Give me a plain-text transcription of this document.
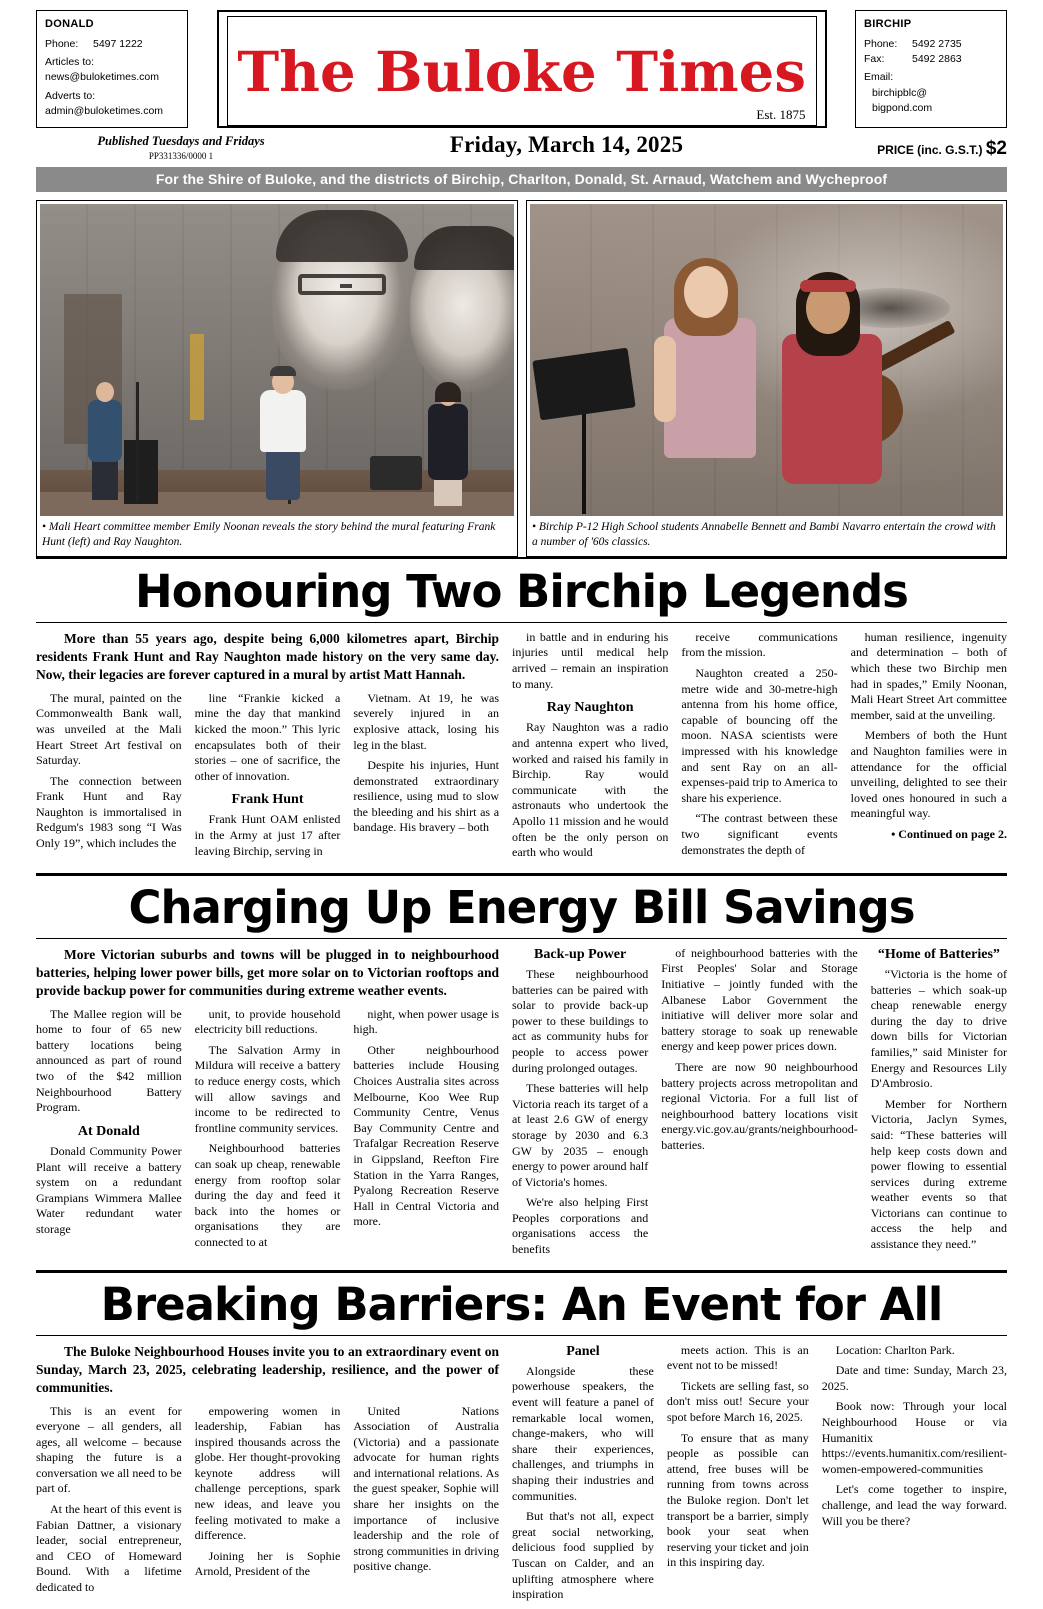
DONALD
Phone:	5497 1222
Articles to:
news@buloketimes.com
Adverts to:
admin@buloketimes.com
The Buloke Times
Est. 1875
BIRCHIP
Phone:	5492 2735
Fax:	5492 2863
Email:
birchipblc@
bigpond.com
Published Tuesdays and Fridays
PP331336/0000 1	Friday, March 14, 2025	PRICE (inc. G.S.T.) $2
For the Shire of Buloke, and the districts of Birchip, Charlton, Donald, St. Arnaud, Watchem and Wycheproof
• Mali Heart committee member Emily Noonan reveals the story behind the mural featuring Frank Hunt (left) and Ray Naughton.
• Birchip P-12 High School students Annabelle Bennett and Bambi Navarro entertain the crowd with a number of '60s classics.
Honouring Two Birchip Legends
More than 55 years ago, despite being 6,000 kilometres apart, Birchip residents Frank Hunt and Ray Naughton made history on the very same day. Now, their legacies are forever captured in a mural by artist Matt Hannah.

The mural, painted on the Commonwealth Bank wall, was unveiled at the Mali Heart Street Art festival on Saturday.

The connection between Frank Hunt and Ray Naughton is immortalised in Redgum's 1983 song “I Was Only 19”, which includes the

line “Frankie kicked a mine the day that mankind kicked the moon.” This lyric encapsulates both of their stories – one of sacrifice, the other of innovation.

Frank Hunt

Frank Hunt OAM enlisted in the Army at just 17 after leaving Birchip, serving in

Vietnam. At 19, he was severely injured in an explosive attack, losing his leg in the blast.

Despite his injuries, Hunt demonstrated extraordinary resilience, using mud to slow the bleeding and his shirt as a bandage. His bravery – both

in battle and in enduring his injuries until medical help arrived – remain an inspiration to many.

Ray Naughton

Ray Naughton was a radio and antenna expert who lived, worked and raised his family in Birchip. Ray would communicate with the astronauts who undertook the Apollo 11 mission and he would often be the only person on earth who would

receive communications from the mission.

Naughton created a 250-metre wide and 30-metre-high antenna from his home office, capable of bouncing off the moon. NASA scientists were impressed with his knowledge and sent Ray on an all-expenses-paid trip to America to share his experience.

“The contrast between these two significant events demonstrates the depth of

human resilience, ingenuity and determination – both of which these two Birchip men had in spades,” Emily Noonan, Mali Heart Street Art committee member, said at the unveiling.

Members of both the Hunt and Naughton families were in attendance for the official unveiling, delighted to see their loved ones honoured in such a meaningful way.

• Continued on page 2.

Charging Up Energy Bill Savings
More Victorian suburbs and towns will be plugged in to neighbourhood batteries, helping lower power bills, get more solar on to Victorian rooftops and provide backup power for communities during extreme weather events.

The Mallee region will be home to four of 65 new battery locations being announced as part of round two of the $42 million Neighbourhood Battery Program.

At Donald

Donald Community Power Plant will receive a battery system on a redundant Grampians Wimmera Mallee Water redundant water storage

unit, to provide household electricity bill reductions.

The Salvation Army in Mildura will receive a battery to reduce energy costs, which will allow savings and income to be redirected to frontline community services.

Neighbourhood batteries can soak up cheap, renewable energy from rooftop solar during the day and feed it back into the homes or organisations they are connected to at

night, when power usage is high.

Other neighbourhood batteries include Housing Choices Australia sites across Melbourne, Koo Wee Rup Community Centre, Venus Bay Community Centre and Trafalgar Recreation Reserve in Gippsland, Reefton Fire Station in the Yarra Ranges, Pyalong Recreation Reserve Hall in Central Victoria and more.

Back-up Power

These neighbourhood batteries can be paired with solar to provide back-up power to these buildings to act as community hubs for people to access power during prolonged outages.

These batteries will help Victoria reach its target of a at least 2.6 GW of energy storage by 2030 and 6.3 GW by 2035 – enough energy to power around half of Victoria's homes.

We're also helping First Peoples corporations and organisations access the benefits

of neighbourhood batteries with the First Peoples' Solar and Storage Initiative – jointly funded with the Albanese Labor Government the initiative will deliver more solar and battery storage to soak up renewable energy and keep power prices down.

There are now 90 neighbourhood battery projects across metropolitan and regional Victoria. For a full list of neighbourhood battery locations visit energy.vic.gov.au/grants/neighbourhood-batteries.

“Home of Batteries”

“Victoria is the home of batteries – which soak-up cheap renewable energy during the day to drive down bills for Victorian families,” said Minister for Energy and Resources Lily D'Ambrosio.

Member for Northern Victoria, Jaclyn Symes, said: “These batteries will help keep costs down and power flowing to essential services during extreme weather events so that Victorians can continue to access the help and assistance they need.”

Breaking Barriers: An Event for All
The Buloke Neighbourhood Houses invite you to an extraordinary event on Sunday, March 23, 2025, celebrating leadership, resilience, and the power of communities.

This is an event for everyone – all genders, all ages, all welcome – because shaping the future is a conversation we all need to be part of.

At the heart of this event is Fabian Dattner, a visionary leader, social entrepreneur, and CEO of Homeward Bound. With a lifetime dedicated to

empowering women in leadership, Fabian has inspired thousands across the globe. Her thought-provoking keynote address will challenge perceptions, spark new ideas, and leave you feeling motivated to make a difference.

Joining her is Sophie Arnold, President of the

United Nations Association of Australia (Victoria) and a passionate advocate for human rights and international relations. As the guest speaker, Sophie will share her insights on the importance of inclusive leadership and the role of strong communities in driving positive change.

Panel

Alongside these powerhouse speakers, the event will feature a panel of remarkable local women, change-makers, who will share their experiences, challenges, and triumphs in shaping their industries and communities.

But that's not all, expect great social networking, delicious food supplied by Tuscan on Calder, and an uplifting atmosphere where inspiration

meets action. This is an event not to be missed!

Tickets are selling fast, so don't miss out! Secure your spot before March 16, 2025.

To ensure that as many people as possible can attend, free buses will be running from towns across the Buloke region. Don't let transport be a barrier, simply book your seat when reserving your ticket and join in this inspiring day.

Location: Charlton Park.

Date and time: Sunday, March 23, 2025.

Book now: Through your local Neighbourhood House or via Humanitix https://events.humanitix.com/resilient-women-empowered-communities

Let's come together to inspire, challenge, and lead the way forward. Will you be there?
